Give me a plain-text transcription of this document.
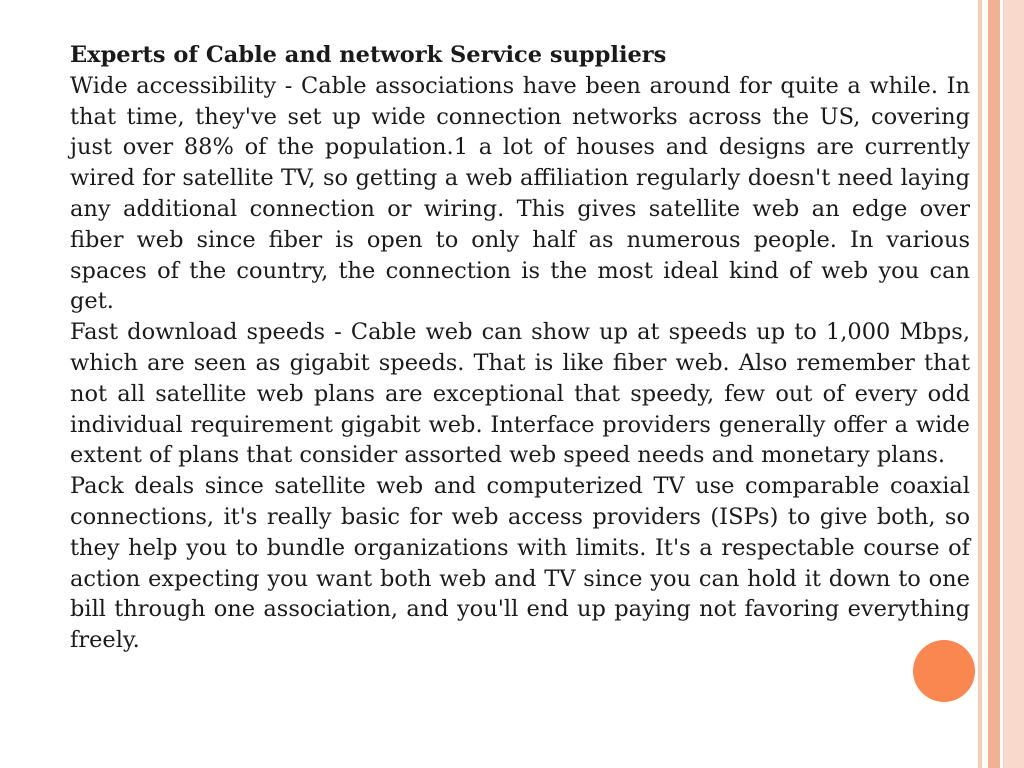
Experts of Cable and network Service suppliers

Wide accessibility - Cable associations have been around for quite a while. In that time, they've set up wide connection networks across the US, covering just over 88% of the population.1 a lot of houses and designs are currently wired for satellite TV, so getting a web affiliation regularly doesn't need laying any additional connection or wiring. This gives satellite web an edge over fiber web since fiber is open to only half as numerous people. In various spaces of the country, the connection is the most ideal kind of web you can get.

Fast download speeds - Cable web can show up at speeds up to 1,000 Mbps, which are seen as gigabit speeds. That is like fiber web. Also remember that not all satellite web plans are exceptional that speedy, few out of every odd individual requirement gigabit web. Interface providers generally offer a wide extent of plans that consider assorted web speed needs and monetary plans.

Pack deals since satellite web and computerized TV use comparable coaxial connections, it's really basic for web access providers (ISPs) to give both, so they help you to bundle organizations with limits. It's a respectable course of action expecting you want both web and TV since you can hold it down to one bill through one association, and you'll end up paying not favoring everything freely.
